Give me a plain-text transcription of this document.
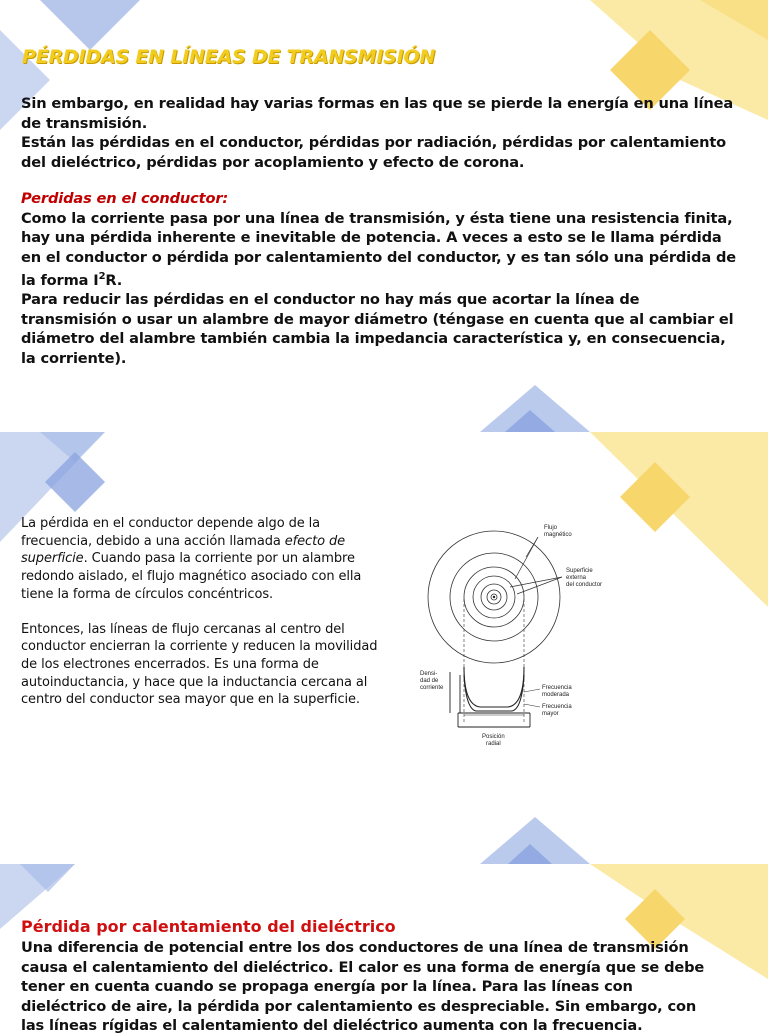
PÉRDIDAS EN LÍNEAS DE TRANSMISIÓN
Sin embargo, en realidad hay varias formas en las que se pierde la energía en una línea de transmisión.
Están las pérdidas en el conductor, pérdidas por radiación, pérdidas por calentamiento del dieléctrico, pérdidas por acoplamiento y efecto de corona.
Perdidas en el conductor:
Como la corriente pasa por una línea de transmisión, y ésta tiene una resistencia finita, hay una pérdida inherente e inevitable de potencia. A veces a esto se le llama pérdida en el conductor o pérdida por calentamiento del conductor, y es tan sólo una pérdida de la forma $I^2R$.
Para reducir las pérdidas en el conductor no hay más que acortar la línea de transmisión o usar un alambre de mayor diámetro (téngase en cuenta que al cambiar el diámetro del alambre también cambia la impedancia característica y, en consecuencia, la corriente).
La pérdida en el conductor depende algo de la frecuencia, debido a una acción llamada efecto de superficie. Cuando pasa la corriente por un alambre redondo aislado, el flujo magnético asociado con ella tiene la forma de círculos concéntricos.
Entonces, las líneas de flujo cercanas al centro del conductor encierran la corriente y reducen la movilidad de los electrones encerrados. Es una forma de autoinductancia, y hace que la inductancia cercana al centro del conductor sea mayor que en la superficie.
Flujo magnético
Superficie externa del conductor
Densi-dad de corriente	Frecuencia moderada
Frecuencia mayor
Posición radial
Pérdida por calentamiento del dieléctrico
Una diferencia de potencial entre los dos conductores de una línea de transmisión causa el calentamiento del dieléctrico. El calor es una forma de energía que se debe tener en cuenta cuando se propaga energía por la línea. Para las líneas con dieléctrico de aire, la pérdida por calentamiento es despreciable. Sin embargo, con las líneas rígidas el calentamiento del dieléctrico aumenta con la frecuencia.
